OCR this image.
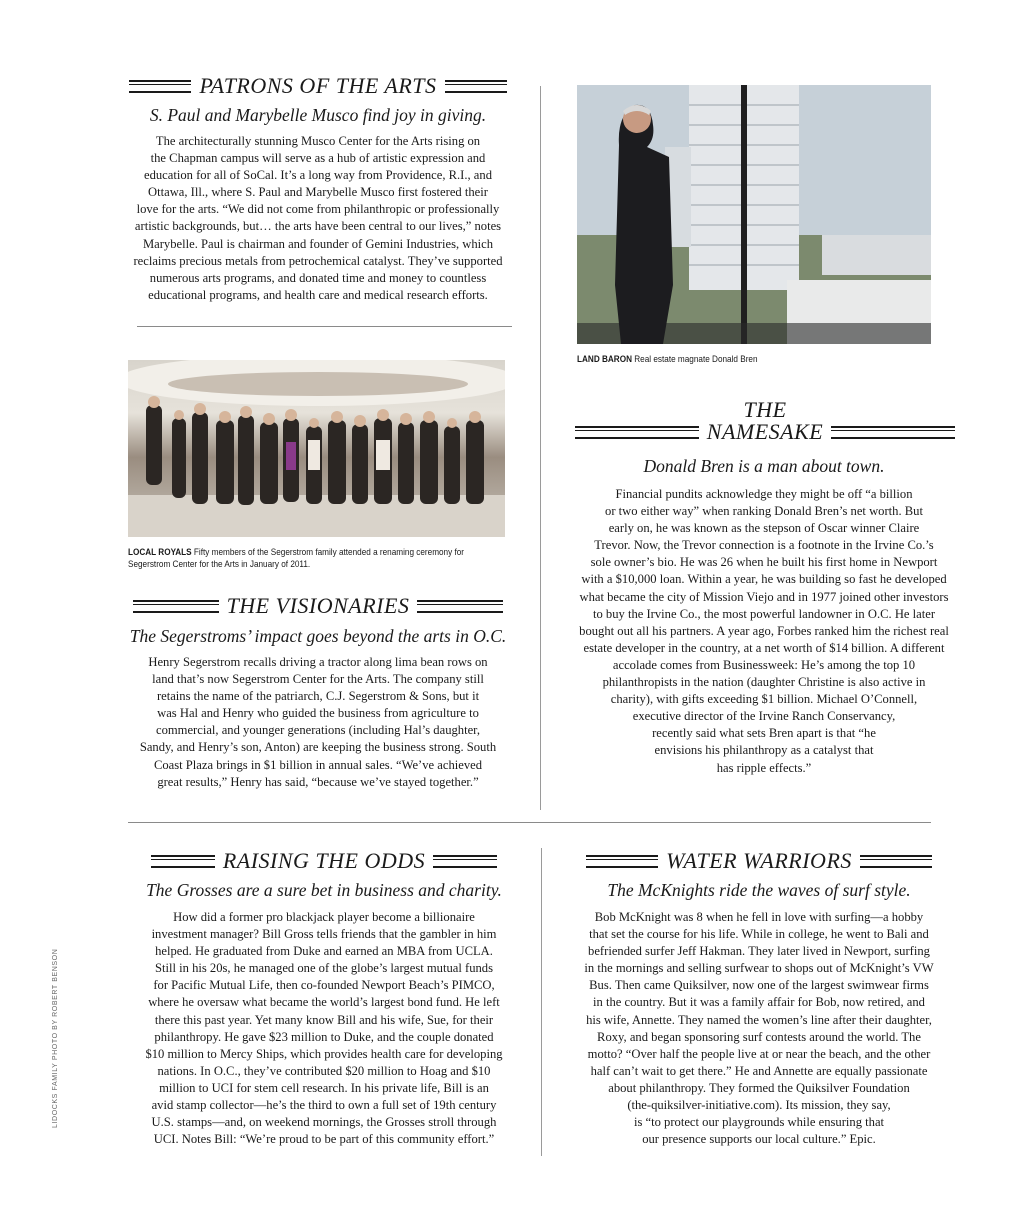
PATRONS OF THE ARTS
S. Paul and Marybelle Musco find joy in giving.
The architecturally stunning Musco Center for the Arts rising on
the Chapman campus will serve as a hub of artistic expression and
education for all of SoCal. It’s a long way from Providence, R.I., and
Ottawa, Ill., where S. Paul and Marybelle Musco first fostered their
love for the arts. “We did not come from philanthropic or professionally
artistic backgrounds, but… the arts have been central to our lives,” notes
Marybelle. Paul is chairman and founder of Gemini Industries, which
reclaims precious metals from petrochemical catalyst. They’ve supported
numerous arts programs, and donated time and money to countless
educational programs, and health care and medical research efforts.
LOCAL ROYALS Fifty members of the Segerstrom family attended a renaming ceremony for
Segerstrom Center for the Arts in January of 2011.
THE VISIONARIES
The Segerstroms’ impact goes beyond the arts in O.C.
Henry Segerstrom recalls driving a tractor along lima bean rows on
land that’s now Segerstrom Center for the Arts. The company still
retains the name of the patriarch, C.J. Segerstrom & Sons, but it
was Hal and Henry who guided the business from agriculture to
commercial, and younger generations (including Hal’s daughter,
Sandy, and Henry’s son, Anton) are keeping the business strong. South
Coast Plaza brings in $1 billion in annual sales. “We’ve achieved
great results,” Henry has said, “because we’ve stayed together.”
LAND BARON Real estate magnate Donald Bren
THE
NAMESAKE
Donald Bren is a man about town.
Financial pundits acknowledge they might be off “a billion
or two either way” when ranking Donald Bren’s net worth. But
early on, he was known as the stepson of Oscar winner Claire
Trevor. Now, the Trevor connection is a footnote in the Irvine Co.’s
sole owner’s bio. He was 26 when he built his first home in Newport
with a $10,000 loan. Within a year, he was building so fast he developed
what became the city of Mission Viejo and in 1977 joined other investors
to buy the Irvine Co., the most powerful landowner in O.C. He later
bought out all his partners. A year ago, Forbes ranked him the richest real
estate developer in the country, at a net worth of $14 billion. A different
accolade comes from Businessweek: He’s among the top 10
philanthropists in the nation (daughter Christine is also active in
charity), with gifts exceeding $1 billion. Michael O’Connell,
executive director of the Irvine Ranch Conservancy,
recently said what sets Bren apart is that “he
envisions his philanthropy as a catalyst that
has ripple effects.”
RAISING THE ODDS
The Grosses are a sure bet in business and charity.
How did a former pro blackjack player become a billionaire
investment manager? Bill Gross tells friends that the gambler in him
helped. He graduated from Duke and earned an MBA from UCLA.
Still in his 20s, he managed one of the globe’s largest mutual funds
for Pacific Mutual Life, then co-founded Newport Beach’s PIMCO,
where he oversaw what became the world’s largest bond fund. He left
there this past year. Yet many know Bill and his wife, Sue, for their
philanthropy. He gave $23 million to Duke, and the couple donated
$10 million to Mercy Ships, which provides health care for developing
nations. In O.C., they’ve contributed $20 million to Hoag and $10
million to UCI for stem cell research. In his private life, Bill is an
avid stamp collector—he’s the third to own a full set of 19th century
U.S. stamps—and, on weekend mornings, the Grosses stroll through
UCI. Notes Bill: “We’re proud to be part of this community effort.”
WATER WARRIORS
The McKnights ride the waves of surf style.
Bob McKnight was 8 when he fell in love with surfing—a hobby
that set the course for his life. While in college, he went to Bali and
befriended surfer Jeff Hakman. They later lived in Newport, surfing
in the mornings and selling surfwear to shops out of McKnight’s VW
Bus. Then came Quiksilver, now one of the largest swimwear firms
in the country. But it was a family affair for Bob, now retired, and
his wife, Annette. They named the women’s line after their daughter,
Roxy, and began sponsoring surf contests around the world. The
motto? “Over half the people live at or near the beach, and the other
half can’t wait to get there.” He and Annette are equally passionate
about philanthropy. They formed the Quiksilver Foundation
(the-quiksilver-initiative.com). Its mission, they say,
is “to protect our playgrounds while ensuring that
our presence supports our local culture.” Epic.
LIDOCKS FAMILY PHOTO BY ROBERT BENSON
